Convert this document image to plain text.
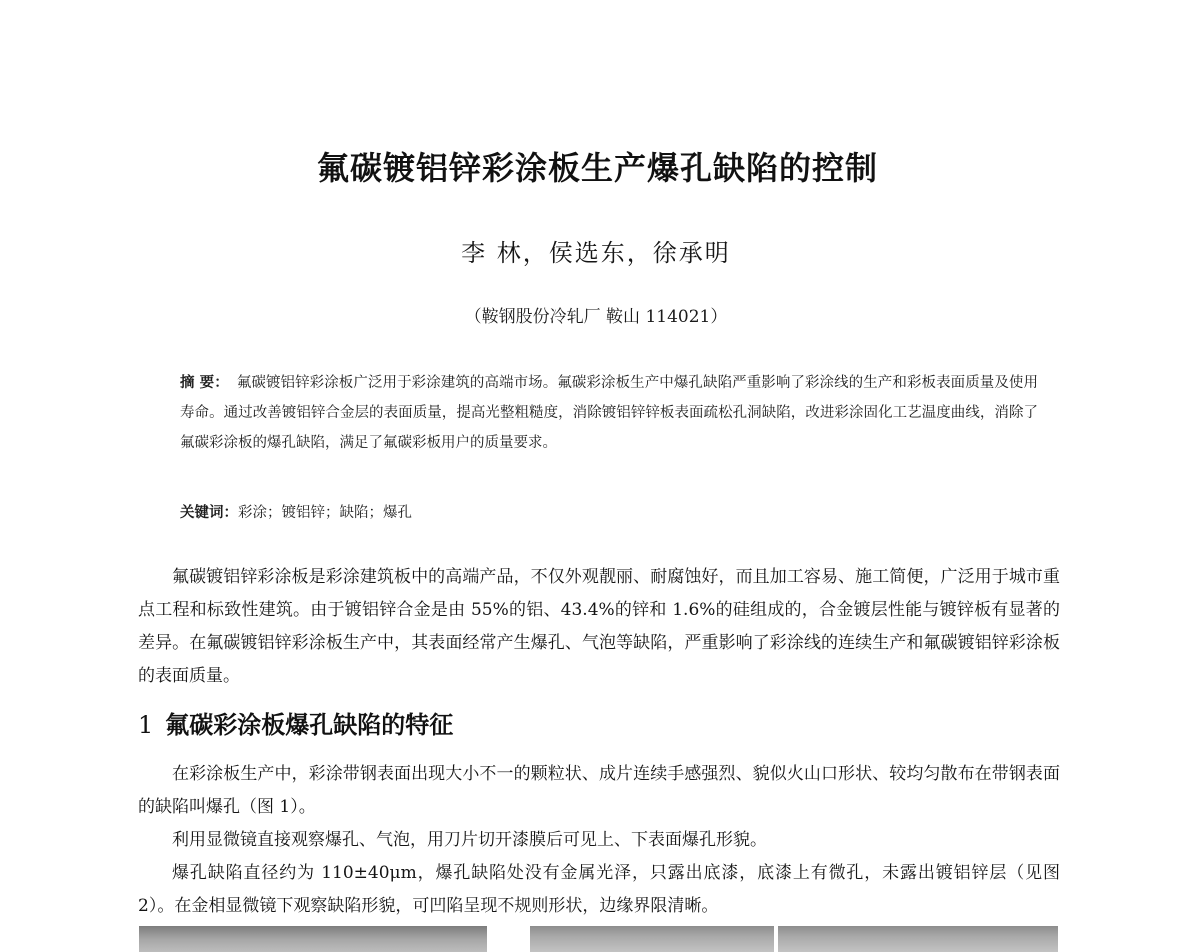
氟碳镀铝锌彩涂板生产爆孔缺陷的控制
李 林，侯选东，徐承明
（鞍钢股份冷轧厂 鞍山 114021）
摘 要： 氟碳镀铝锌彩涂板广泛用于彩涂建筑的高端市场。氟碳彩涂板生产中爆孔缺陷严重影响了彩涂线的生产和彩板表面质量及使用寿命。通过改善镀铝锌合金层的表面质量，提高光整粗糙度，消除镀铝锌锌板表面疏松孔洞缺陷，改进彩涂固化工艺温度曲线，消除了氟碳彩涂板的爆孔缺陷，满足了氟碳彩板用户的质量要求。
关键词：彩涂；镀铝锌；缺陷；爆孔
氟碳镀铝锌彩涂板是彩涂建筑板中的高端产品，不仅外观靓丽、耐腐蚀好，而且加工容易、施工简便，广泛用于城市重点工程和标致性建筑。由于镀铝锌合金是由 55%的铝、43.4%的锌和 1.6%的硅组成的，合金镀层性能与镀锌板有显著的差异。在氟碳镀铝锌彩涂板生产中，其表面经常产生爆孔、气泡等缺陷，严重影响了彩涂线的连续生产和氟碳镀铝锌彩涂板的表面质量。
1 氟碳彩涂板爆孔缺陷的特征
在彩涂板生产中，彩涂带钢表面出现大小不一的颗粒状、成片连续手感强烈、貌似火山口形状、较均匀散布在带钢表面的缺陷叫爆孔（图 1）。
利用显微镜直接观察爆孔、气泡，用刀片切开漆膜后可见上、下表面爆孔形貌。
爆孔缺陷直径约为 110±40μm，爆孔缺陷处没有金属光泽，只露出底漆，底漆上有微孔，未露出镀铝锌层（见图 2）。在金相显微镜下观察缺陷形貌，可凹陷呈现不规则形状，边缘界限清晰。
